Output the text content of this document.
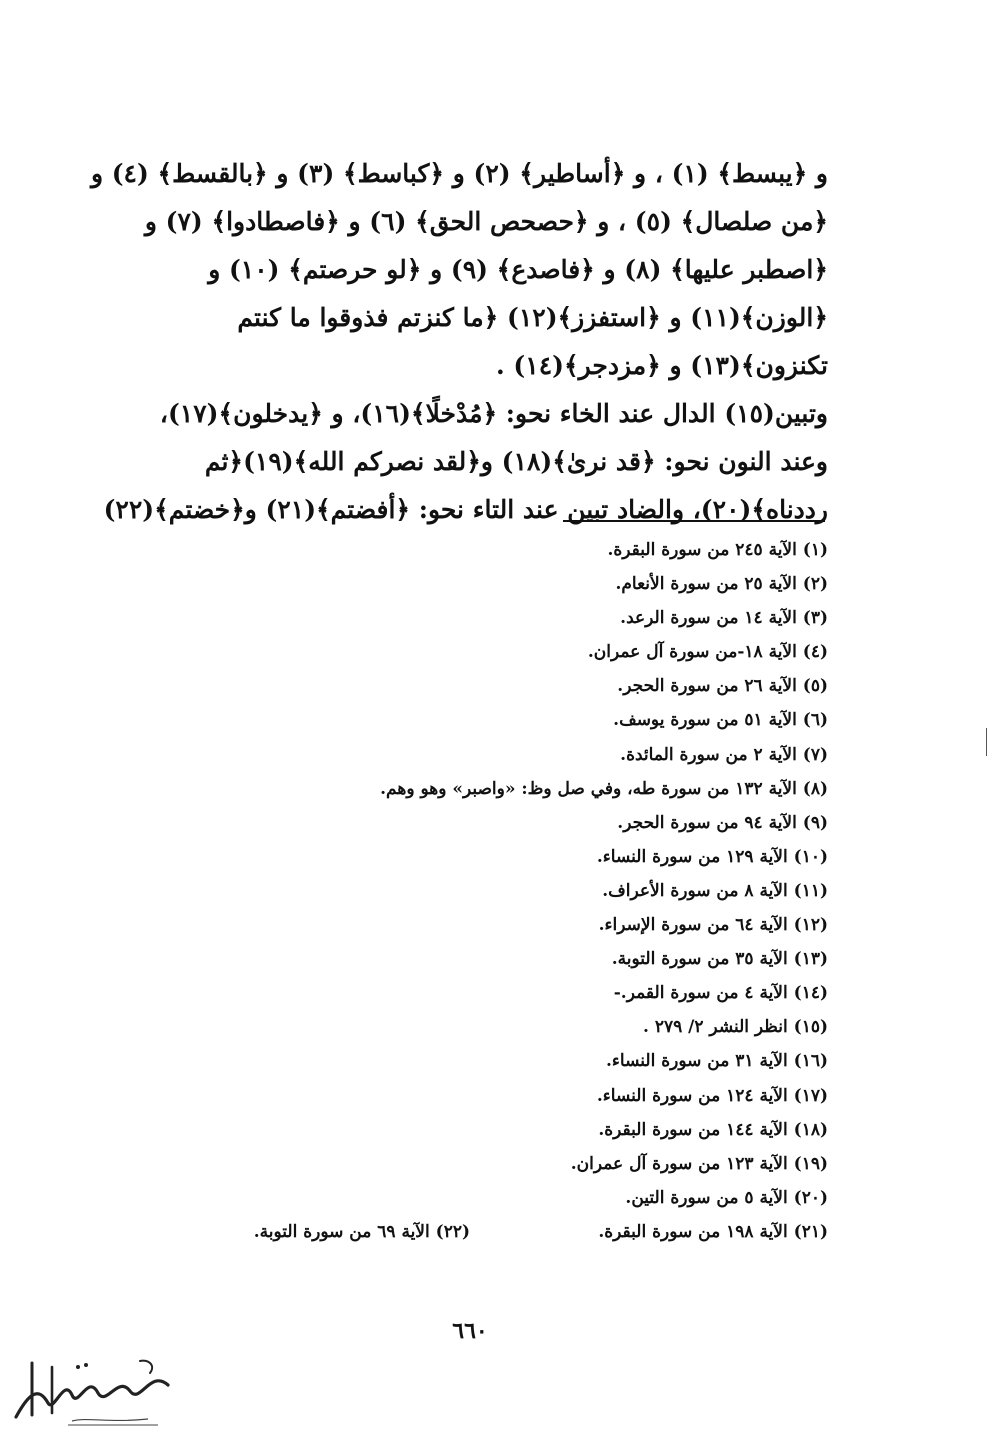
و ﴿يبسط﴾ (١) ، و ﴿أساطير﴾ (٢) و ﴿كباسط﴾ (٣) و ﴿بالقسط﴾ (٤) و
﴿من صلصال﴾ (٥) ، و ﴿حصحص الحق﴾ (٦) و ﴿فاصطادوا﴾ (٧) و
﴿اصطبر عليها﴾ (٨) و ﴿فاصدع﴾ (٩) و ﴿لو حرصتم﴾ (١٠) و
﴿الوزن﴾(١١) و ﴿استفزز﴾(١٢) ﴿ما كنزتم فذوقوا ما كنتم
تكنزون﴾(١٣) و ﴿مزدجر﴾(١٤) .
وتبين(١٥) الدال عند الخاء نحو: ﴿مُدْخلًا﴾(١٦)، و ﴿يدخلون﴾(١٧)،
وعند النون نحو: ﴿قد نرىٰ﴾(١٨) و﴿لقد نصركم الله﴾(١٩)﴿ثم
رددناه﴾(٢٠)، والضاد تبين عند التاء نحو: ﴿أفضتم﴾(٢١) و﴿خضتم﴾(٢٢)
(١) الآية ٢٤٥ من سورة البقرة.
(٢) الآية ٢٥ من سورة الأنعام.
(٣) الآية ١٤ من سورة الرعد.
(٤) الآية ١٨-من سورة آل عمران.
(٥) الآية ٢٦ من سورة الحجر.
(٦) الآية ٥١ من سورة يوسف.
(٧) الآية ٢ من سورة المائدة.
(٨) الآية ١٣٢ من سورة طه، وفي صل وظ: «واصبر» وهو وهم.
(٩) الآية ٩٤ من سورة الحجر.
(١٠) الآية ١٢٩ من سورة النساء.
(١١) الآية ٨ من سورة الأعراف.
(١٢) الآية ٦٤ من سورة الإسراء.
(١٣) الآية ٣٥ من سورة التوبة.
(١٤) الآية ٤ من سورة القمر.-
(١٥) انظر النشر ٢/ ٢٧٩ .
(١٦) الآية ٣١ من سورة النساء.
(١٧) الآية ١٢٤ من سورة النساء.
(١٨) الآية ١٤٤ من سورة البقرة.
(١٩) الآية ١٢٣ من سورة آل عمران.
(٢٠) الآية ٥ من سورة التين.
(٢١) الآية ١٩٨ من سورة البقرة.
(٢٢) الآية ٦٩ من سورة التوبة.
٦٦٠
